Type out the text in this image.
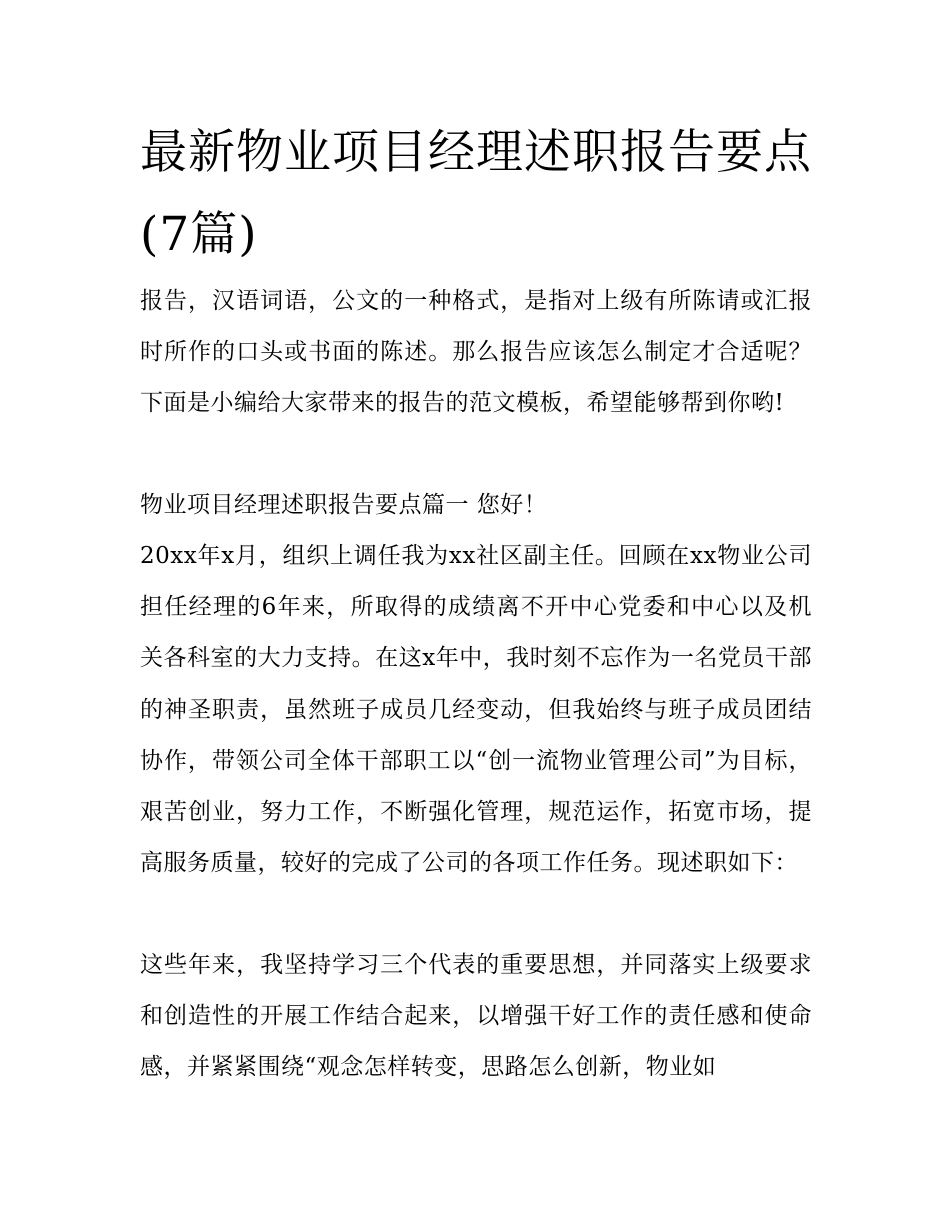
最新物业项目经理述职报告要点(7篇)

报告，汉语词语，公文的一种格式，是指对上级有所陈请或汇报时所作的口头或书面的陈述。那么报告应该怎么制定才合适呢？下面是小编给大家带来的报告的范文模板，希望能够帮到你哟!

物业项目经理述职报告要点篇一 您好！

20xx年x月，组织上调任我为xx社区副主任。回顾在xx物业公司担任经理的6年来，所取得的成绩离不开中心党委和中心以及机关各科室的大力支持。在这x年中，我时刻不忘作为一名党员干部的神圣职责，虽然班子成员几经变动，但我始终与班子成员团结协作，带领公司全体干部职工以“创一流物业管理公司”为目标，艰苦创业，努力工作，不断强化管理，规范运作，拓宽市场，提高服务质量，较好的完成了公司的各项工作任务。现述职如下：

这些年来，我坚持学习三个代表的重要思想，并同落实上级要求和创造性的开展工作结合起来，以增强干好工作的责任感和使命感，并紧紧围绕“观念怎样转变，思路怎么创新，物业如
